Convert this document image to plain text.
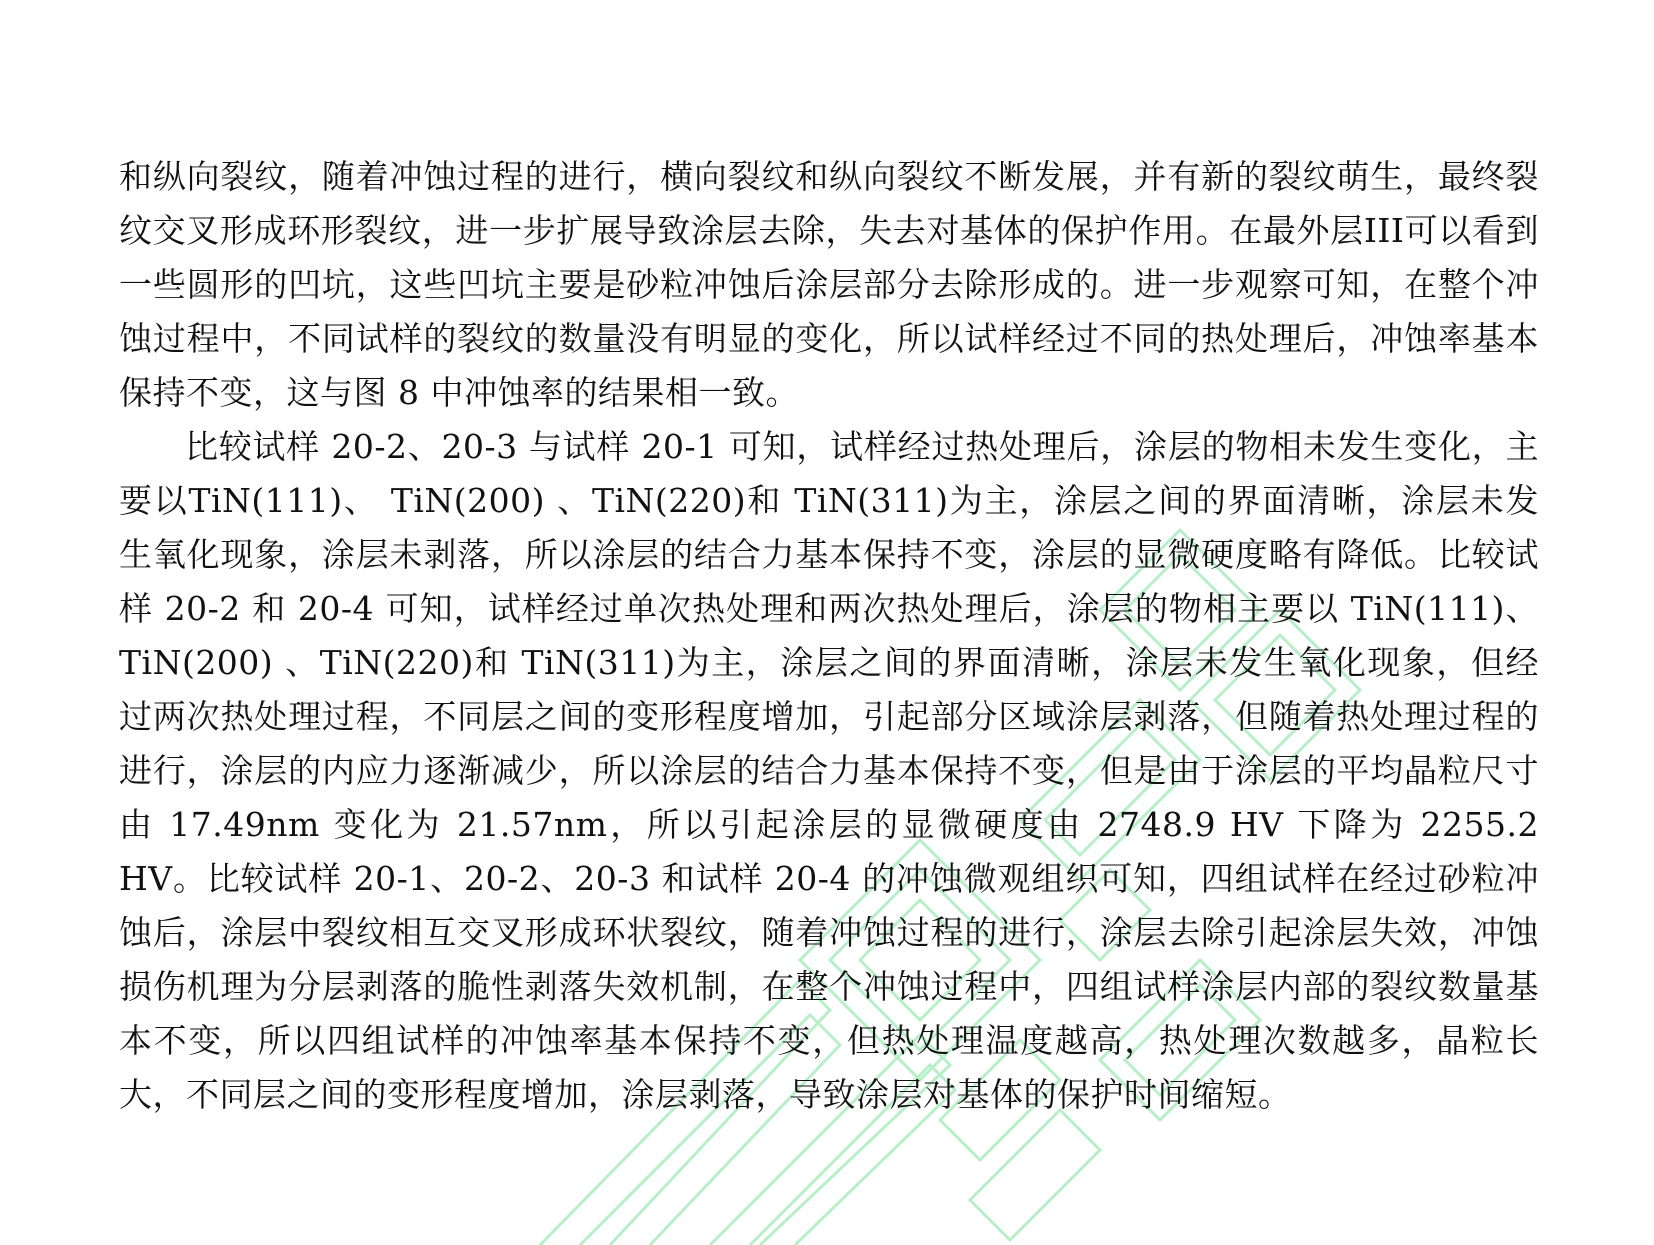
和纵向裂纹，随着冲蚀过程的进行，横向裂纹和纵向裂纹不断发展，并有新的裂纹萌生，最终裂纹交叉形成环形裂纹，进一步扩展导致涂层去除，失去对基体的保护作用。在最外层III可以看到一些圆形的凹坑，这些凹坑主要是砂粒冲蚀后涂层部分去除形成的。进一步观察可知，在整个冲蚀过程中，不同试样的裂纹的数量没有明显的变化，所以试样经过不同的热处理后，冲蚀率基本保持不变，这与图 8 中冲蚀率的结果相一致。

比较试样 20-2、20-3 与试样 20-1 可知，试样经过热处理后，涂层的物相未发生变化，主要以TiN(111)、 TiN(200) 、TiN(220)和 TiN(311)为主，涂层之间的界面清晰，涂层未发生氧化现象，涂层未剥落，所以涂层的结合力基本保持不变，涂层的显微硬度略有降低。比较试样 20-2 和 20-4 可知，试样经过单次热处理和两次热处理后，涂层的物相主要以 TiN(111)、 TiN(200) 、TiN(220)和 TiN(311)为主，涂层之间的界面清晰，涂层未发生氧化现象，但经过两次热处理过程，不同层之间的变形程度增加，引起部分区域涂层剥落，但随着热处理过程的进行，涂层的内应力逐渐减少，所以涂层的结合力基本保持不变，但是由于涂层的平均晶粒尺寸由 17.49nm 变化为 21.57nm，所以引起涂层的显微硬度由 2748.9 HV 下降为 2255.2 HV。比较试样 20-1、20-2、20-3 和试样 20-4 的冲蚀微观组织可知，四组试样在经过砂粒冲蚀后，涂层中裂纹相互交叉形成环状裂纹，随着冲蚀过程的进行，涂层去除引起涂层失效，冲蚀损伤机理为分层剥落的脆性剥落失效机制，在整个冲蚀过程中，四组试样涂层内部的裂纹数量基本不变，所以四组试样的冲蚀率基本保持不变，但热处理温度越高，热处理次数越多，晶粒长大，不同层之间的变形程度增加，涂层剥落，导致涂层对基体的保护时间缩短。
